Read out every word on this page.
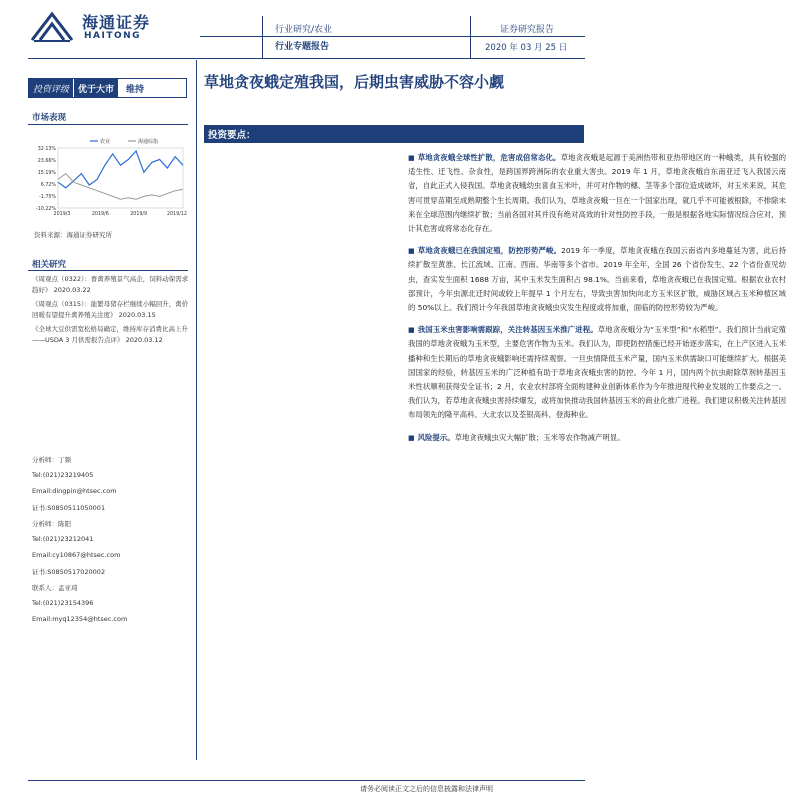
海通证券
HAITONG
行业研究/农业
行业专题报告
证券研究报告
2020 年 03 月 25 日
投资评级	优于大市	维持
市场表现
32.13%
23.66%
15.19%
6.72%
-1.75%
-10.22%
2019/3	2019/6	2019/9	2019/12
农业	海通综指
资料来源：海通证券研究所
相关研究
《周观点（0322）：畜禽养殖景气高企，饲料动保需求趋好》 2020.03.22
《周观点（0315）：能繁母猪存栏继续小幅回升，禽价回暖有望提升禽养殖关注度》 2020.03.15
《全球大豆供需宽松格局确定，维持库存消费比高上升——USDA 3 月供需报告点评》 2020.03.12
分析师：丁频
Tel:(021)23219405
Email:dingpin@htsec.com
证书:S0850511050001
分析师：陈阳
Tel:(021)23212041
Email:cy10867@htsec.com
证书:S0850517020002
联系人：孟亚琦
Tel:(021)23154396
Email:myq12354@htsec.com
草地贪夜蛾定殖我国，后期虫害威胁不容小觑
投资要点：
■ 草地贪夜蛾全球性扩散，危害成倍常态化。草地贪夜蛾是起源于美洲热带和亚热带地区的一种蛾类，具有较强的适生性、迁飞性、杂食性，是跨国界跨洲际的农业重大害虫。2019 年 1 月，草地贪夜蛾自东南亚迁飞入我国云南省，自此正式入侵我国。草地贪夜蛾幼虫喜食玉米叶，并可对作物的穗、茎等多个部位造成破坏，对玉米来说，其危害可贯穿苗期至成熟期整个生长周期。我们认为，草地贪夜蛾一旦在一个国家出现，就几乎不可能被根除，不排除未来在全球范围内继续扩散；当前各国对其并没有绝对高效的针对性防控手段，一般是根据各地实际情况综合应对，预计其危害或将常态化存在。
■ 草地贪夜蛾已在我国定殖，防控形势严峻。2019 年一季度，草地贪夜蛾在我国云南省内多地蔓延为害，此后持续扩散至黄淮、长江流域、江南、西南、华南等多个省市。2019 年全年，全国 26 个省份发生、22 个省份查见幼虫，查实发生面积 1688 万亩，其中玉米发生面积占 98.1%。当前来看，草地贪夜蛾已在我国定殖。根据农业农村部预计，今年虫源北迁时间或较上年提早 1 个月左右，导致虫害加快向北方玉米区扩散，威胁区域占玉米种植区域的 50%以上。我们预计今年我国草地贪夜蛾虫灾发生程度或将加重，面临的防控形势较为严峻。
■ 我国玉米虫害影响需跟踪，关注转基因玉米推广进程。草地贪夜蛾分为“玉米型”和“水稻型”。我们预计当前定殖我国的草地贪夜蛾为玉米型，主要危害作物为玉米。我们认为，即使防控措施已经开始逐步落实，在上产区进入玉米播种和生长期后的草地贪夜蛾影响还需持续观察。一旦虫情降低玉米产量，国内玉米供需缺口可能继续扩大。根据美国国家的经验，转基因玉米的广泛种植有助于草地贪夜蛾虫害的防控。今年 1 月，国内两个抗虫耐除草剂转基因玉米性状顺利获得安全证书；2 月，农业农村部将全面构建种业创新体系作为今年推进现代种业发展的工作要点之一。我们认为，若草地贪夜蛾虫害持续爆发，或将加快推动我国转基因玉米的商业化推广进程。我们建议积极关注转基因布局领先的隆平高科、大北农以及荃银高科、登海种业。
■ 风险提示。草地贪夜蛾虫灾大幅扩散；玉米等农作物减产明显。
请务必阅读正文之后的信息披露和法律声明
